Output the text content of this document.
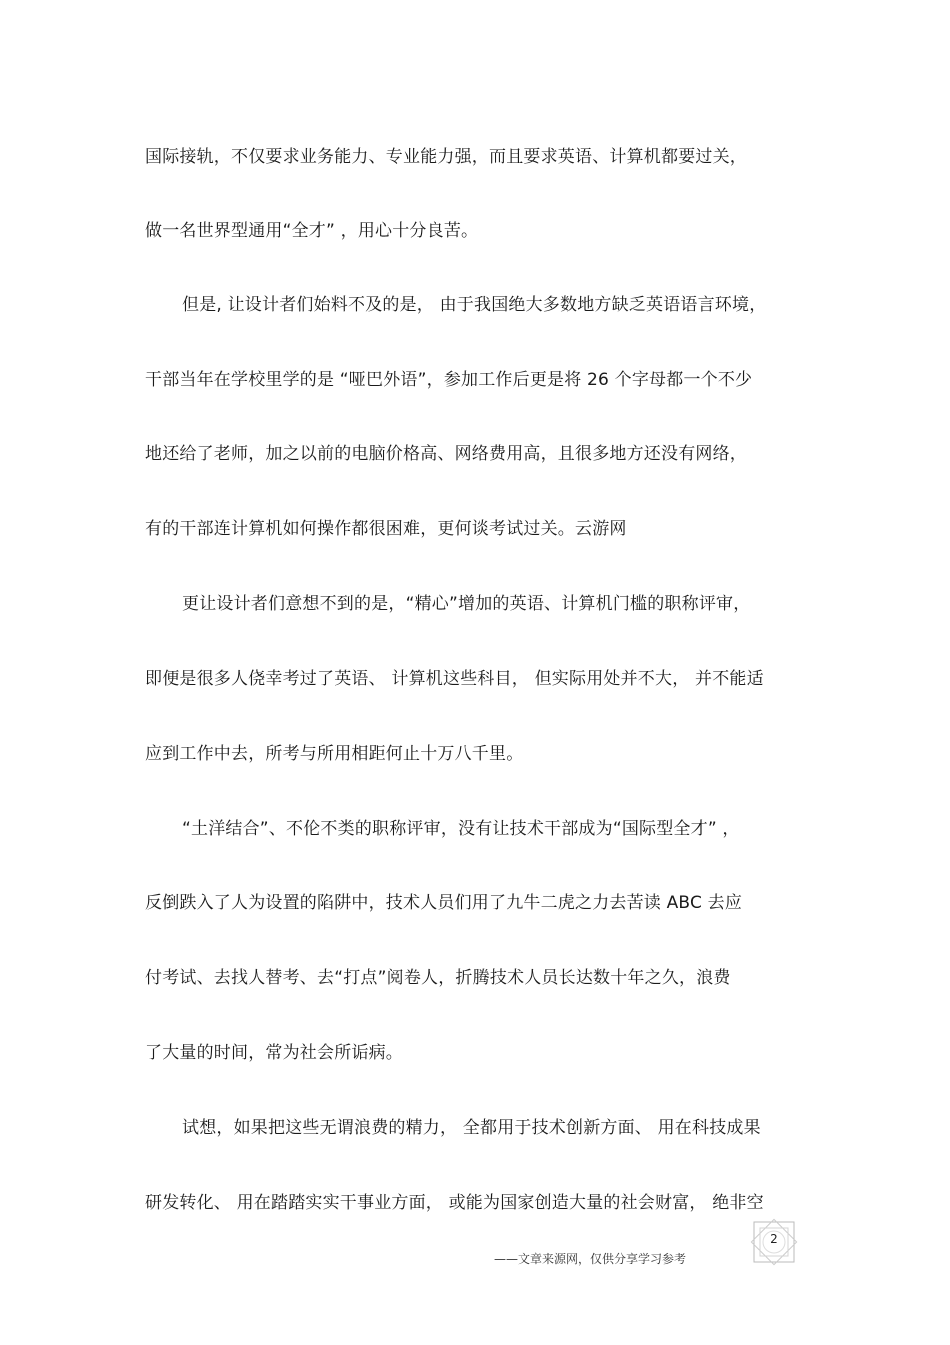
国际接轨，不仅要求业务能力、专业能力强，而且要求英语、计算机都要过关，
做一名世界型通用“全才” ，用心十分良苦。
但是, 让设计者们始料不及的是， 由于我国绝大多数地方缺乏英语语言环境，
干部当年在学校里学的是 “哑巴外语”，参加工作后更是将 26 个字母都一个不少
地还给了老师，加之以前的电脑价格高、网络费用高，且很多地方还没有网络，
有的干部连计算机如何操作都很困难，更何谈考试过关。云游网
更让设计者们意想不到的是，“精心”增加的英语、计算机门槛的职称评审，
即便是很多人侥幸考过了英语、 计算机这些科目， 但实际用处并不大， 并不能适
应到工作中去，所考与所用相距何止十万八千里。
“土洋结合”、不伦不类的职称评审，没有让技术干部成为“国际型全才” ，
反倒跌入了人为设置的陷阱中，技术人员们用了九牛二虎之力去苦读 ABC 去应
付考试、去找人替考、去“打点”阅卷人，折腾技术人员长达数十年之久，浪费
了大量的时间，常为社会所诟病。
试想，如果把这些无谓浪费的精力， 全都用于技术创新方面、 用在科技成果
研发转化、 用在踏踏实实干事业方面， 或能为国家创造大量的社会财富， 绝非空
2
——文章来源网，仅供分享学习参考
